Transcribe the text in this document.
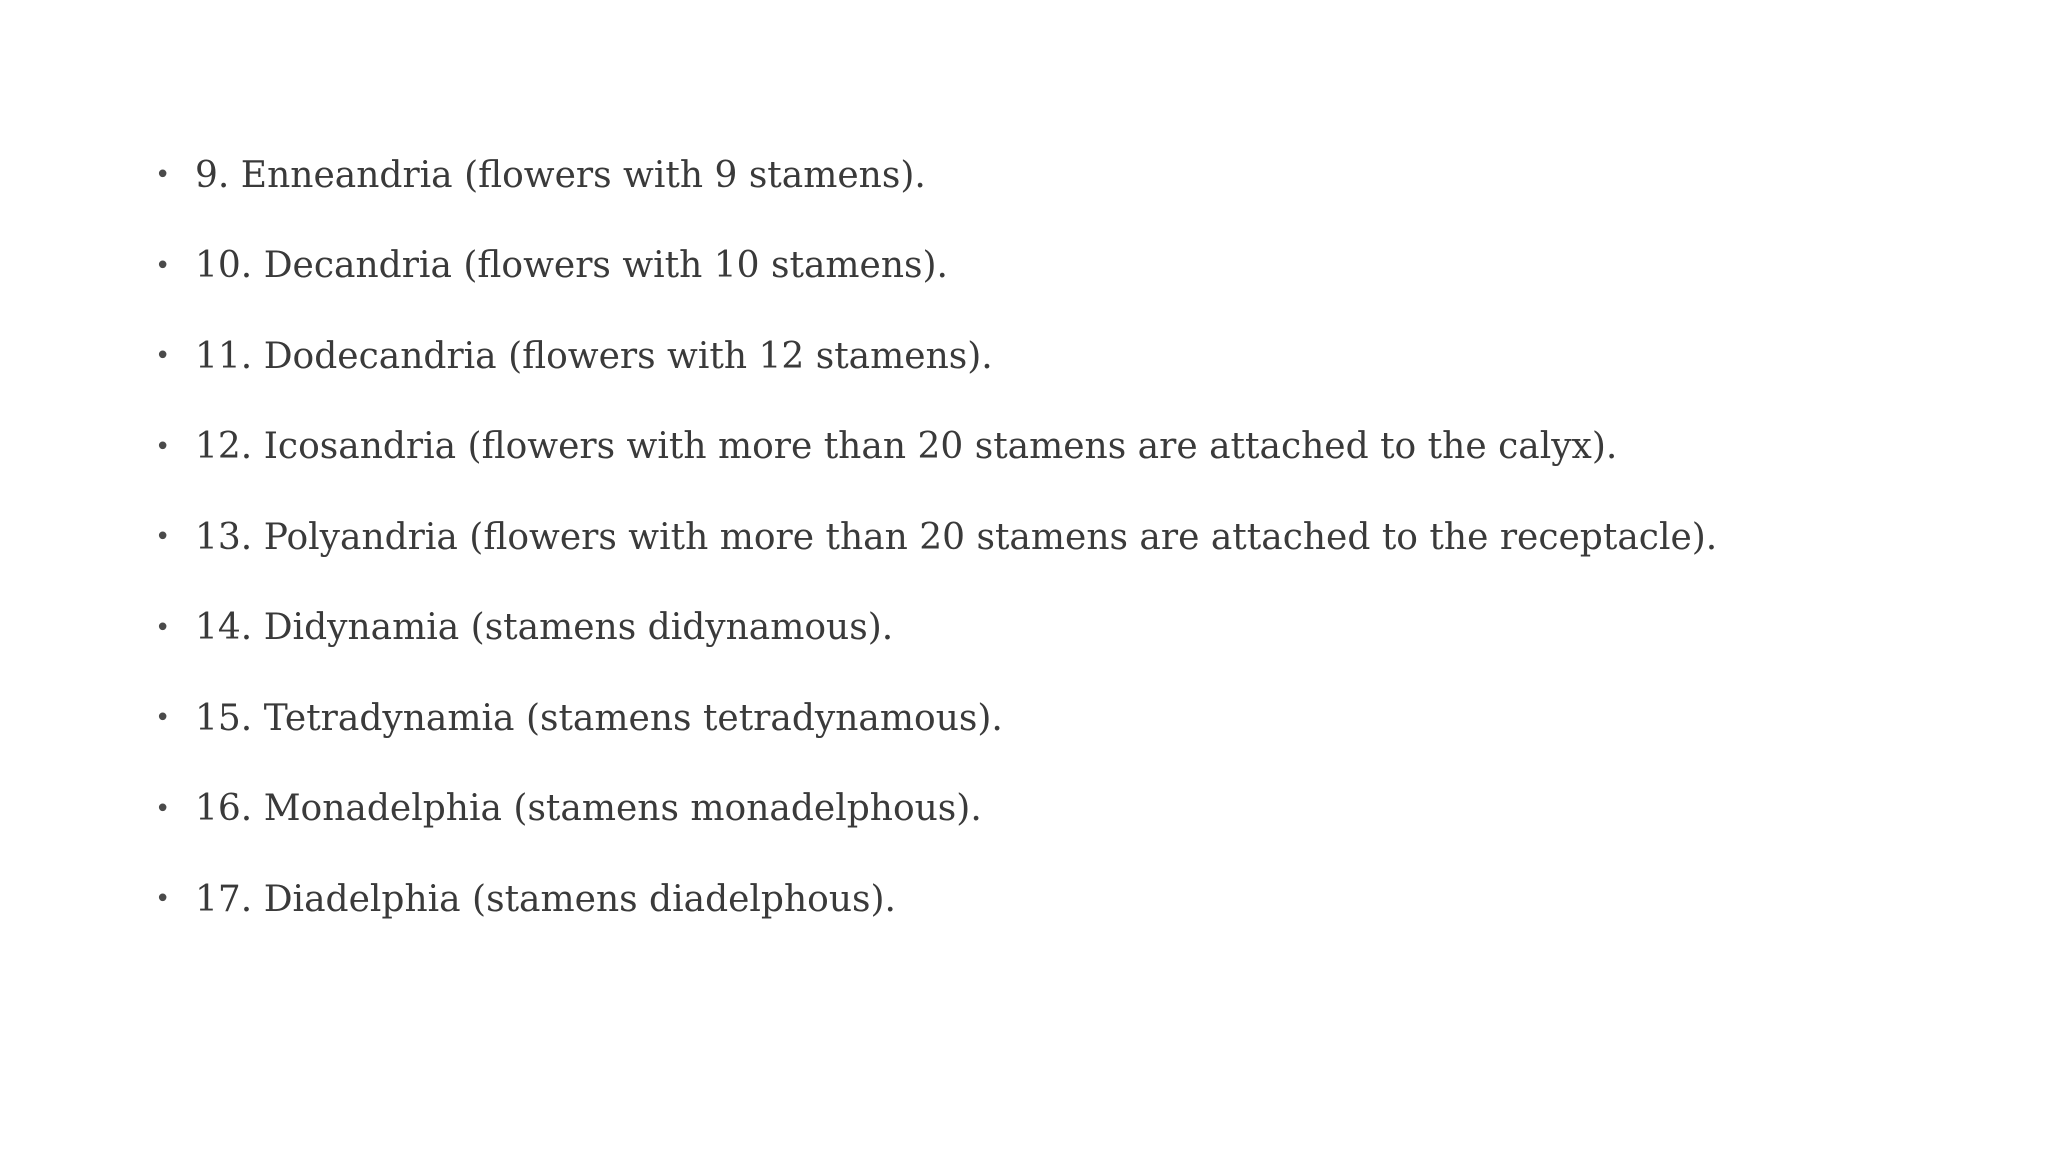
• 9. Enneandria (flowers with 9 stamens).
• 10. Decandria (flowers with 10 stamens).
• 11. Dodecandria (flowers with 12 stamens).
• 12. Icosandria (flowers with more than 20 stamens are attached to the calyx).
• 13. Polyandria (flowers with more than 20 stamens are attached to the receptacle).
• 14. Didynamia (stamens didynamous).
• 15. Tetradynamia (stamens tetradynamous).
• 16. Monadelphia (stamens monadelphous).
• 17. Diadelphia (stamens diadelphous).
